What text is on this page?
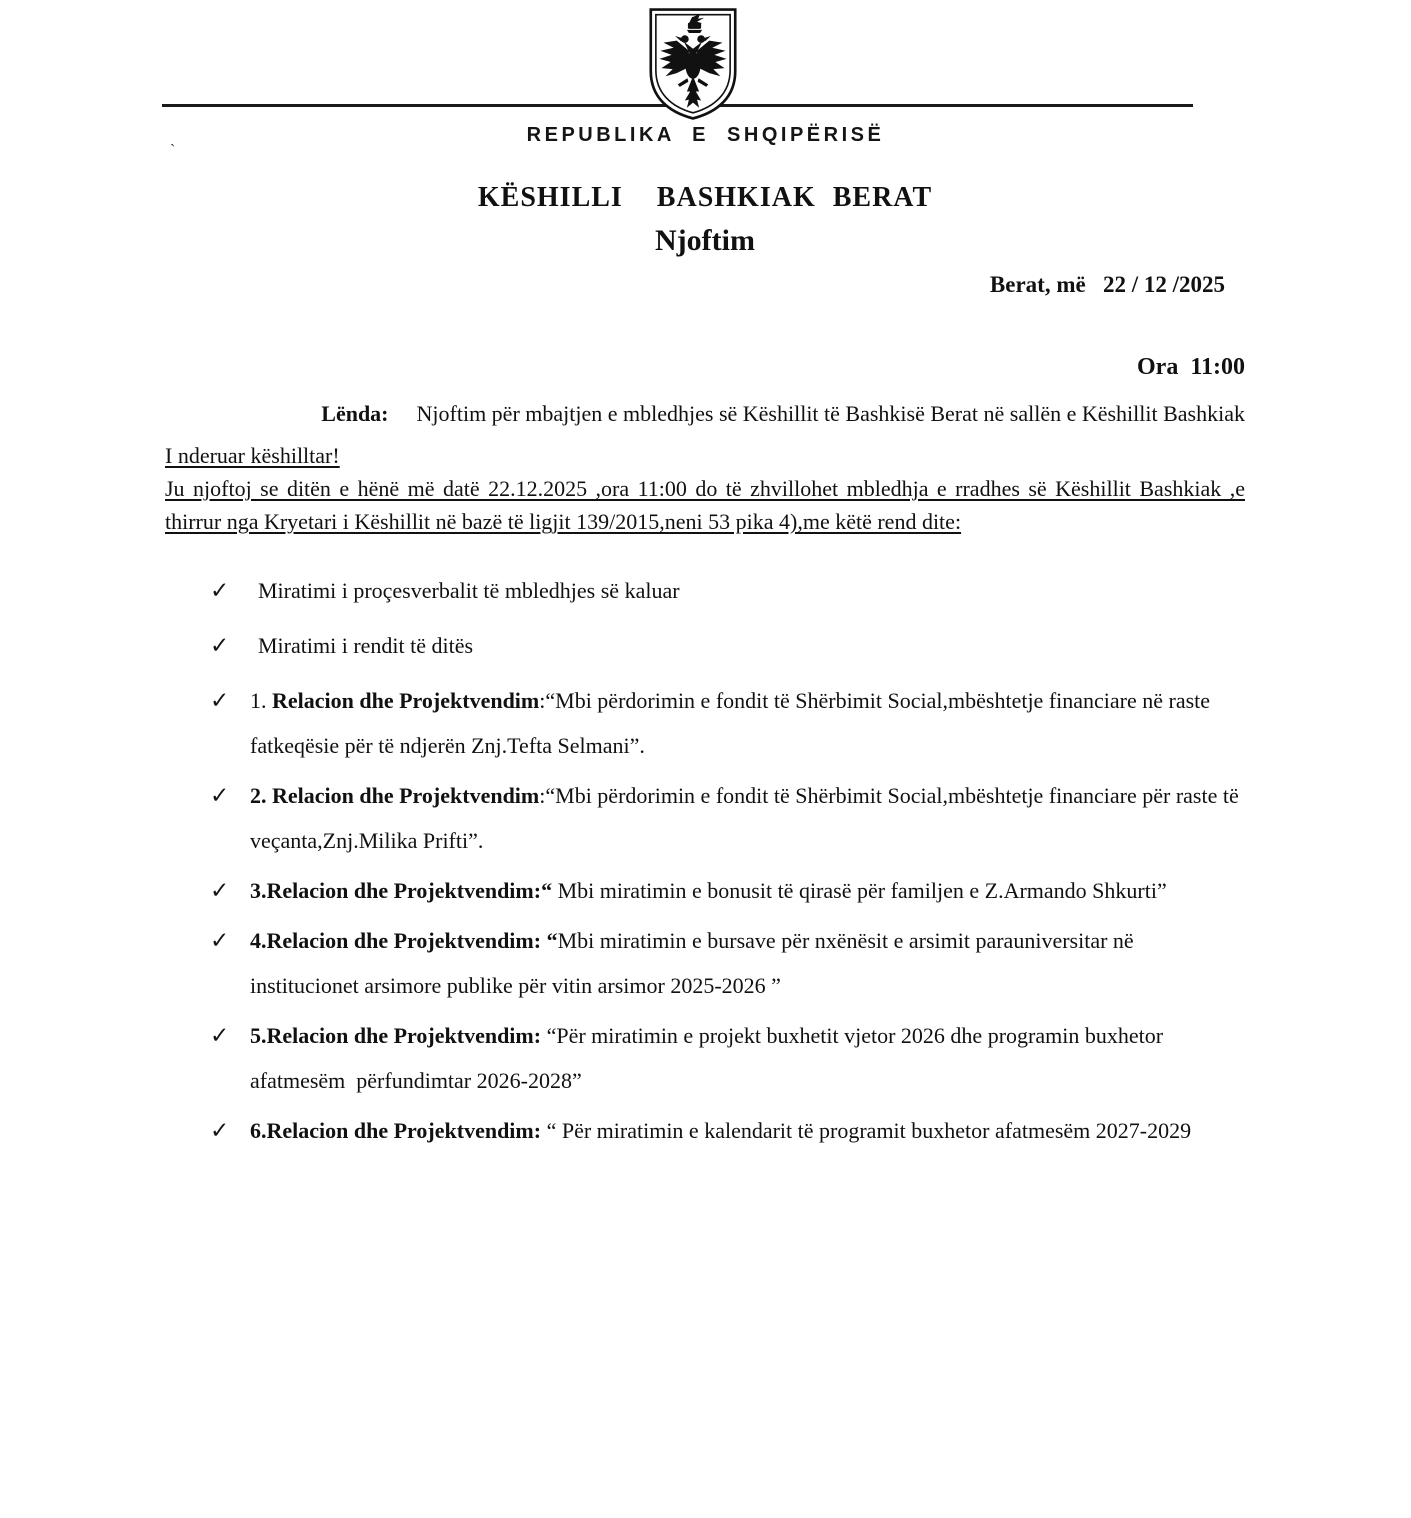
REPUBLIKA E SHQIPËRISË
`
KËSHILLI  BASHKIAK BERAT
Njoftim
Berat, më   22 / 12 /2025
Ora  11:00

Lënda: Njoftim për mbajtjen e mbledhjes së Këshillit të Bashkisë Berat në sallën e Këshillit Bashkiak

I nderuar këshilltar!

Ju njoftoj se ditën e hënë më datë 22.12.2025 ,ora 11:00 do të zhvillohet mbledhja e rradhes së Këshillit Bashkiak ,e thirrur nga Kryetari i Këshillit në bazë të ligjit 139/2015,neni 53 pika 4),me këtë rend dite:

✓	Miratimi i proçesverbalit të mbledhjes së kaluar
✓	Miratimi i rendit të ditës
✓ 1. Relacion dhe Projektvendim:“Mbi përdorimin e fondit të Shërbimit Social,mbështetje financiare në raste fatkeqësie për të ndjerën Znj.Tefta Selmani”.
✓ 2. Relacion dhe Projektvendim:“Mbi përdorimin e fondit të Shërbimit Social,mbështetje financiare për raste të veçanta,Znj.Milika Prifti”.
✓ 3.Relacion dhe Projektvendim:“ Mbi miratimin e bonusit të qirasë për familjen e Z.Armando Shkurti”
✓ 4.Relacion dhe Projektvendim: “Mbi miratimin e bursave për nxënësit e arsimit parauniversitar në institucionet arsimore publike për vitin arsimor 2025-2026 ”
✓ 5.Relacion dhe Projektvendim: “Për miratimin e projekt buxhetit vjetor 2026 dhe programin buxhetor afatmesëm  përfundimtar 2026-2028”
✓ 6.Relacion dhe Projektvendim: “ Për miratimin e kalendarit të programit buxhetor afatmesëm 2027-2029
